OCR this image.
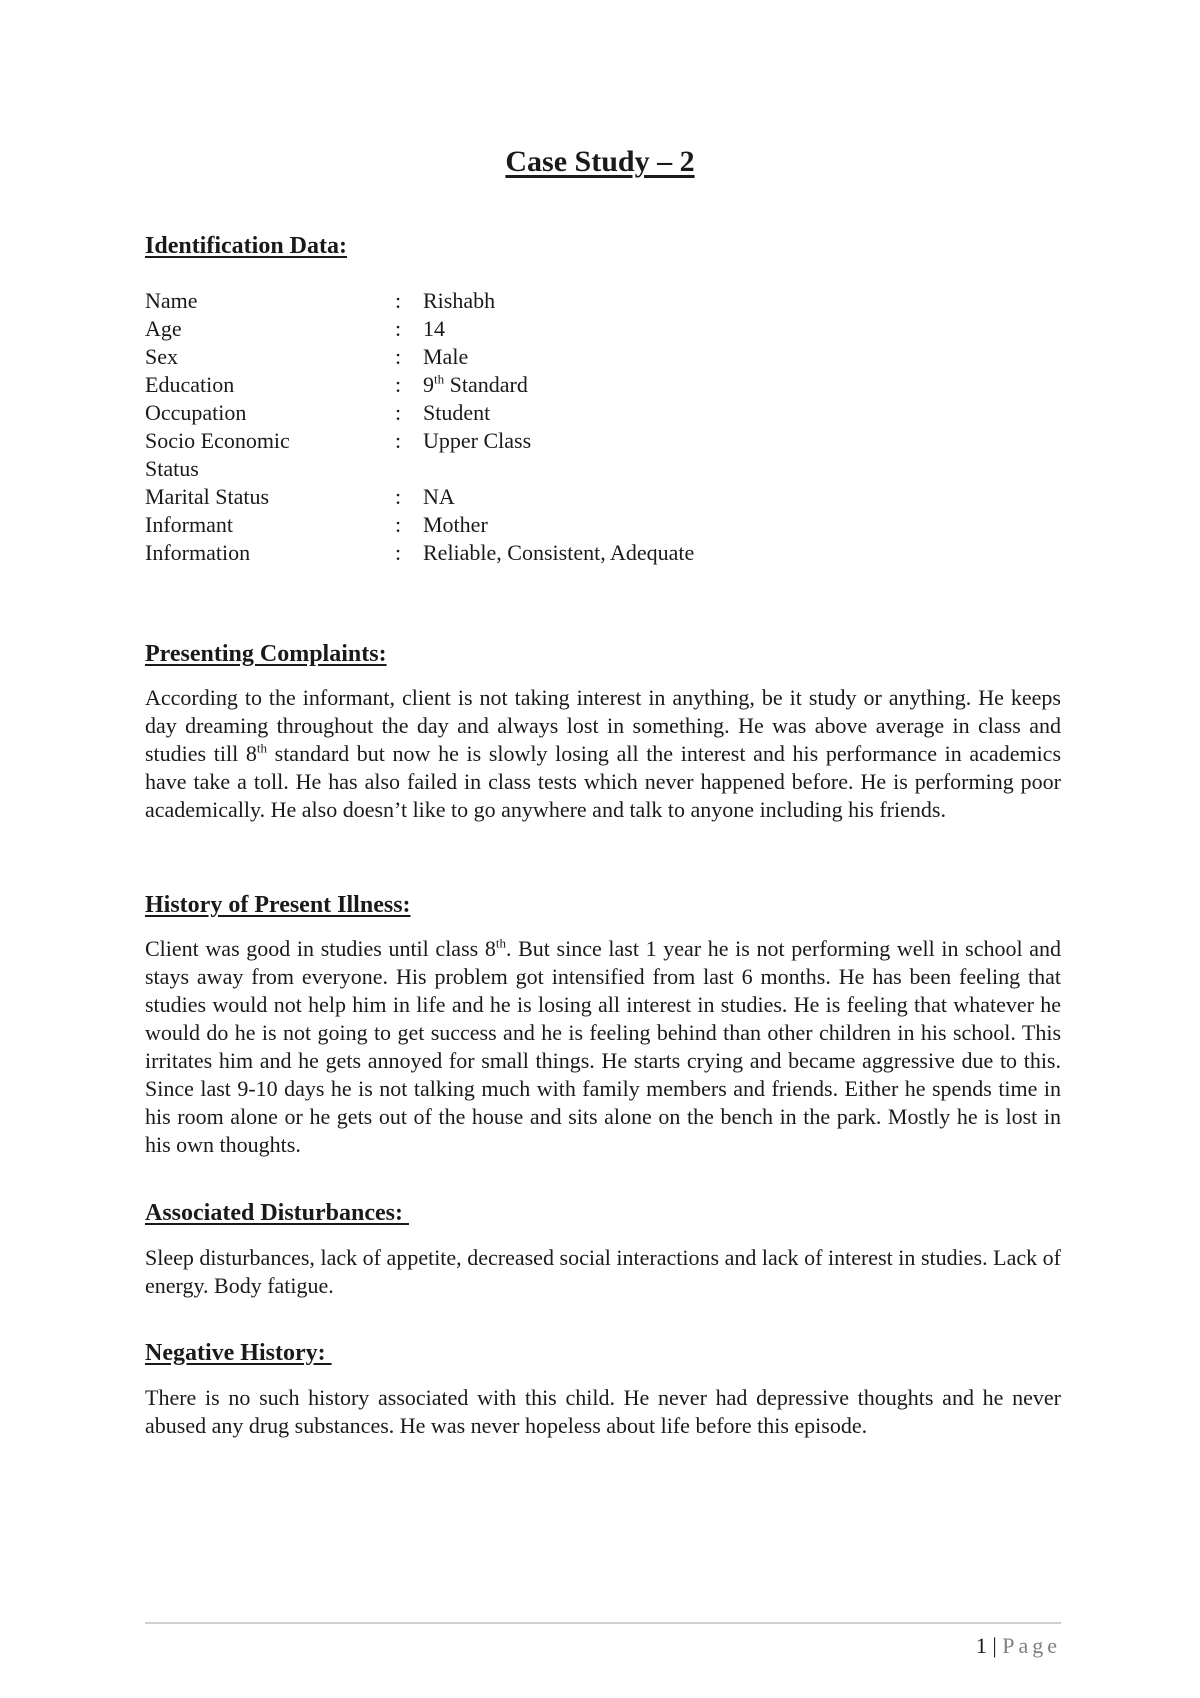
Case Study – 2
Identification Data:
Name	:	Rishabh
Age	:	14
Sex	:	Male
Education	:	9th Standard
Occupation	:	Student
Socio Economic Status	:	Upper Class
Marital Status	:	NA
Informant	:	Mother
Information	:	Reliable, Consistent, Adequate
Presenting Complaints:

According to the informant, client is not taking interest in anything, be it study or anything. He keeps day dreaming throughout the day and always lost in something. He was above average in class and studies till 8th standard but now he is slowly losing all the interest and his performance in academics have take a toll. He has also failed in class tests which never happened before. He is performing poor academically. He also doesn’t like to go anywhere and talk to anyone including his friends.

History of Present Illness:

Client was good in studies until class 8th. But since last 1 year he is not performing well in school and stays away from everyone. His problem got intensified from last 6 months. He has been feeling that studies would not help him in life and he is losing all interest in studies. He is feeling that whatever he would do he is not going to get success and he is feeling behind than other children in his school. This irritates him and he gets annoyed for small things. He starts crying and became aggressive due to this. Since last 9-10 days he is not talking much with family members and friends. Either he spends time in his room alone or he gets out of the house and sits alone on the bench in the park. Mostly he is lost in his own thoughts.

Associated Disturbances:

Sleep disturbances, lack of appetite, decreased social interactions and lack of interest in studies. Lack of energy. Body fatigue.

Negative History:

There is no such history associated with this child. He never had depressive thoughts and he never abused any drug substances. He was never hopeless about life before this episode.

1 | Page
